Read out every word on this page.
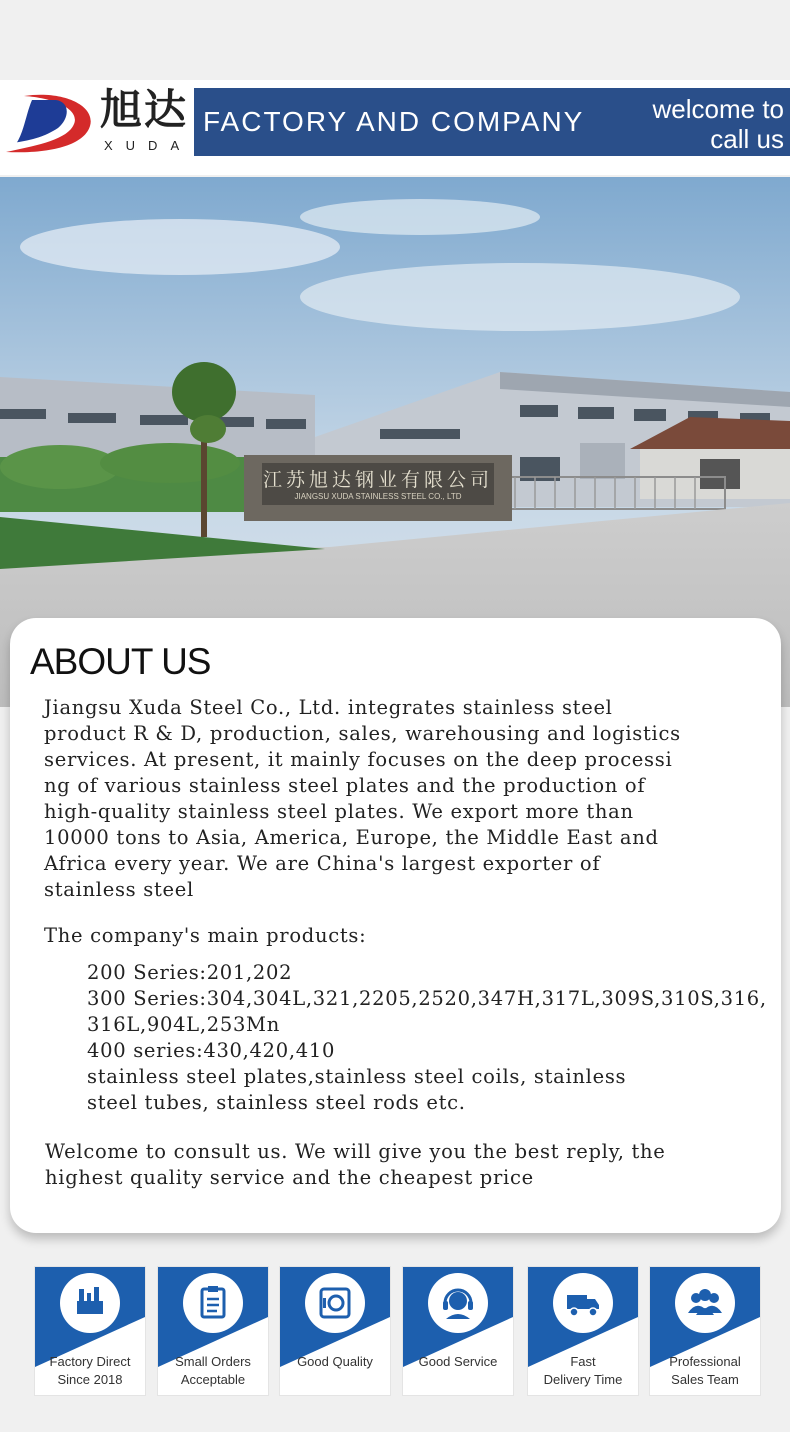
旭达
XUDA
FACTORY AND COMPANY	welcome to
call us
江苏旭达钢业有限公司
JIANGSU XUDA STAINLESS STEEL CO., LTD
ABOUT US
Jiangsu Xuda Steel Co., Ltd. integrates stainless steel
product R & D, production, sales, warehousing and logistics
services. At present, it mainly focuses on the deep processi
ng of various stainless steel plates and the production of
high-quality stainless steel plates. We export more than
10000 tons to Asia, America, Europe, the Middle East and
Africa every year. We are China's largest exporter of
stainless steel
The company's main products:
200 Series:201,202
300 Series:304,304L,321,2205,2520,347H,317L,309S,310S,316,
316L,904L,253Mn
400 series:430,420,410
stainless steel plates,stainless steel coils, stainless
steel tubes, stainless steel rods etc.
Welcome to consult us. We will give you the best reply, the
highest quality service and the cheapest price
Factory Direct
Since 2018
Small Orders
Acceptable
Good Quality	Good Service	Fast
Delivery Time
Professional
Sales Team
